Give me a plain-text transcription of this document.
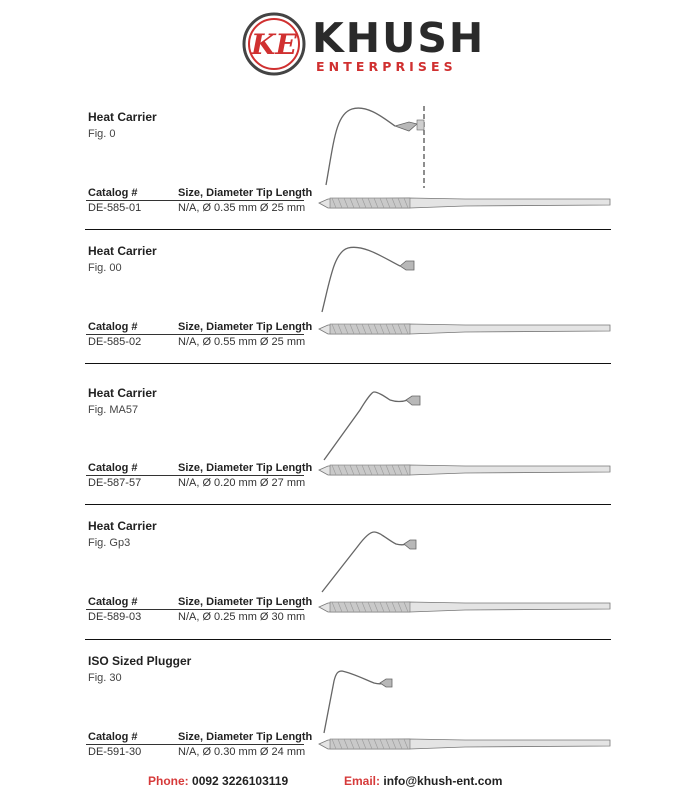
KE KHUSH
ENTERPRISES
Heat Carrier
Fig. 0
Catalog #	Size, Diameter Tip Length
DE-585-01	N/A, Ø 0.35 mm Ø 25 mm
Heat Carrier
Fig. 00
Catalog #	Size, Diameter Tip Length
DE-585-02	N/A, Ø 0.55 mm Ø 25 mm
Heat Carrier
Fig. MA57
Catalog #	Size, Diameter Tip Length
DE-587-57	N/A, Ø 0.20 mm Ø 27 mm
Heat Carrier
Fig. Gp3
Catalog #	Size, Diameter Tip Length
DE-589-03	N/A, Ø 0.25 mm Ø 30 mm
ISO Sized Plugger
Fig. 30
Catalog #	Size, Diameter Tip Length
DE-591-30	N/A, Ø 0.30 mm Ø 24 mm
Phone: 0092 3226103119	Email: info@khush-ent.com
